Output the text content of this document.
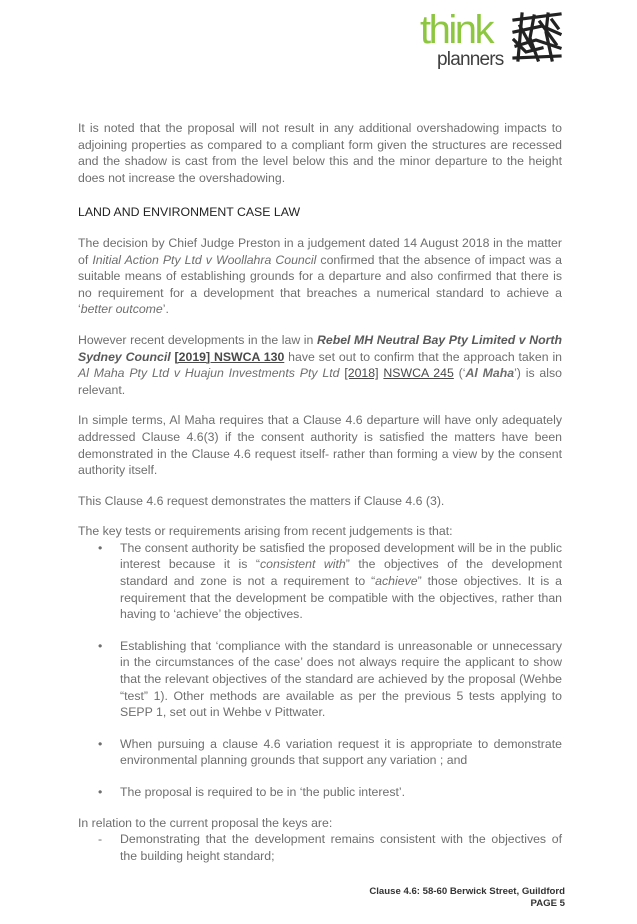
think
planners

It is noted that the proposal will not result in any additional overshadowing impacts to adjoining properties as compared to a compliant form given the structures are recessed and the shadow is cast from the level below this and the minor departure to the height does not increase the overshadowing.

LAND AND ENVIRONMENT CASE LAW

The decision by Chief Judge Preston in a judgement dated 14 August 2018 in the matter of Initial Action Pty Ltd v Woollahra Council confirmed that the absence of impact was a suitable means of establishing grounds for a departure and also confirmed that there is no requirement for a development that breaches a numerical standard to achieve a ‘better outcome’.

However recent developments in the law in Rebel MH Neutral Bay Pty Limited v North Sydney Council [2019] NSWCA 130 have set out to confirm that the approach taken in Al Maha Pty Ltd v Huajun Investments Pty Ltd [2018] NSWCA 245 (‘Al Maha’) is also relevant.

In simple terms, Al Maha requires that a Clause 4.6 departure will have only adequately addressed Clause 4.6(3) if the consent authority is satisfied the matters have been demonstrated in the Clause 4.6 request itself- rather than forming a view by the consent authority itself.

This Clause 4.6 request demonstrates the matters if Clause 4.6 (3).

The key tests or requirements arising from recent judgements is that:

• The consent authority be satisfied the proposed development will be in the public interest because it is “consistent with” the objectives of the development standard and zone is not a requirement to “achieve” those objectives. It is a requirement that the development be compatible with the objectives, rather than having to ‘achieve’ the objectives.
• Establishing that ‘compliance with the standard is unreasonable or unnecessary in the circumstances of the case’ does not always require the applicant to show that the relevant objectives of the standard are achieved by the proposal (Wehbe “test” 1). Other methods are available as per the previous 5 tests applying to SEPP 1, set out in Wehbe v Pittwater.
• When pursuing a clause 4.6 variation request it is appropriate to demonstrate environmental planning grounds that support any variation ; and
• The proposal is required to be in ‘the public interest’.

In relation to the current proposal the keys are:

- Demonstrating that the development remains consistent with the objectives of the building height standard;
Clause 4.6: 58-60 Berwick Street, Guildford
PAGE 5
